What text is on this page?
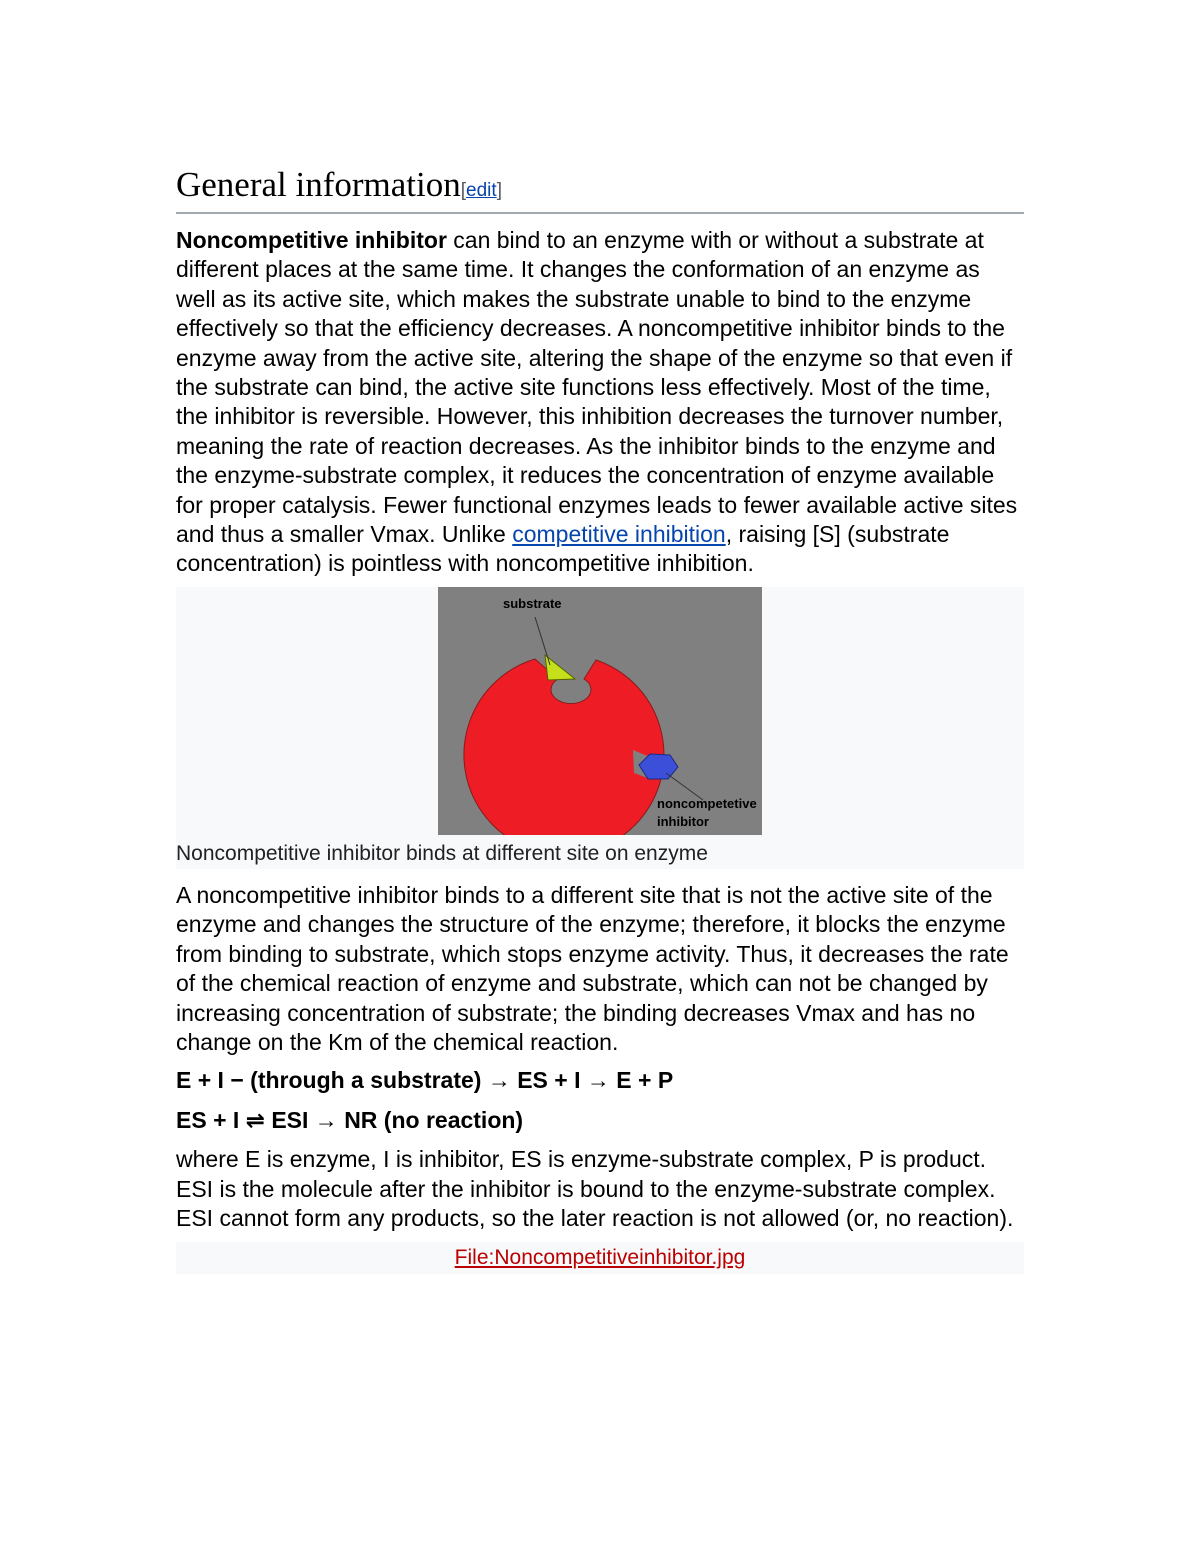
General information[edit]

Noncompetitive inhibitor can bind to an enzyme with or without a substrate at different places at the same time. It changes the conformation of an enzyme as well as its active site, which makes the substrate unable to bind to the enzyme effectively so that the efficiency decreases. A noncompetitive inhibitor binds to the enzyme away from the active site, altering the shape of the enzyme so that even if the substrate can bind, the active site functions less effectively. Most of the time, the inhibitor is reversible. However, this inhibition decreases the turnover number, meaning the rate of reaction decreases. As the inhibitor binds to the enzyme and the enzyme-substrate complex, it reduces the concentration of enzyme available for proper catalysis. Fewer functional enzymes leads to fewer available active sites and thus a smaller Vmax. Unlike competitive inhibition, raising [S] (substrate concentration) is pointless with noncompetitive inhibition.

substrate
noncompetetive
inhibitor
Noncompetitive inhibitor binds at different site on enzyme

A noncompetitive inhibitor binds to a different site that is not the active site of the enzyme and changes the structure of the enzyme; therefore, it blocks the enzyme from binding to substrate, which stops enzyme activity. Thus, it decreases the rate of the chemical reaction of enzyme and substrate, which can not be changed by increasing concentration of substrate; the binding decreases Vmax and has no change on the Km of the chemical reaction.

E + I − (through a substrate) → ES + I → E + P
ES + I ⇌ ESI → NR (no reaction)

where E is enzyme, I is inhibitor, ES is enzyme-substrate complex, P is product. ESI is the molecule after the inhibitor is bound to the enzyme-substrate complex. ESI cannot form any products, so the later reaction is not allowed (or, no reaction).

File:Noncompetitiveinhibitor.jpg
